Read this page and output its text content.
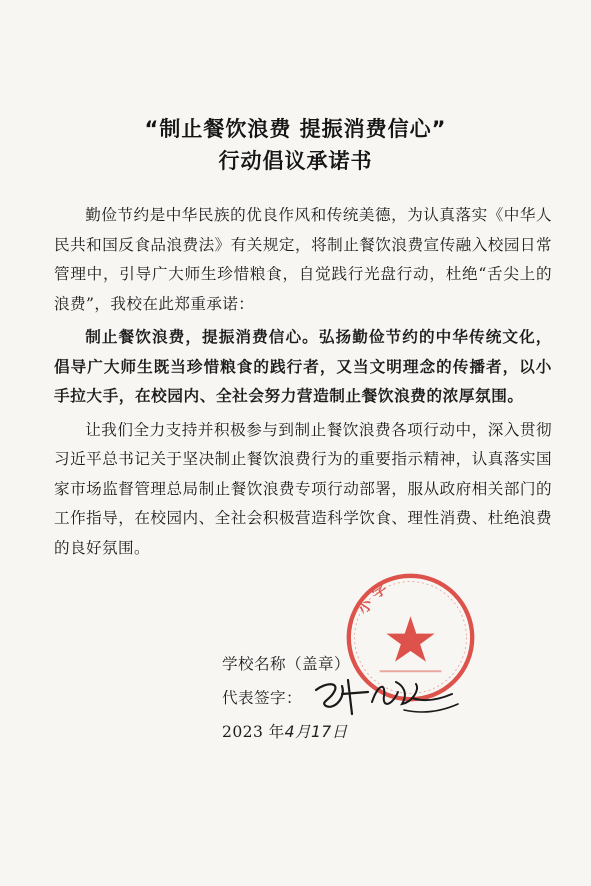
“制止餐饮浪费 提振消费信心”
行动倡议承诺书

勤俭节约是中华民族的优良作风和传统美德，为认真落实《中华人民共和国反食品浪费法》有关规定，将制止餐饮浪费宣传融入校园日常管理中，引导广大师生珍惜粮食，自觉践行光盘行动，杜绝“舌尖上的浪费”，我校在此郑重承诺：

制止餐饮浪费，提振消费信心。弘扬勤俭节约的中华传统文化，倡导广大师生既当珍惜粮食的践行者，又当文明理念的传播者，以小手拉大手，在校园内、全社会努力营造制止餐饮浪费的浓厚氛围。

让我们全力支持并积极参与到制止餐饮浪费各项行动中，深入贯彻习近平总书记关于坚决制止餐饮浪费行为的重要指示精神，认真落实国家市场监督管理总局制止餐饮浪费专项行动部署，服从政府相关部门的工作指导，在校园内、全社会积极营造科学饮食、理性消费、杜绝浪费的良好氛围。

小学
学校名称（盖章）
代表签字：
2023 年4月17日
